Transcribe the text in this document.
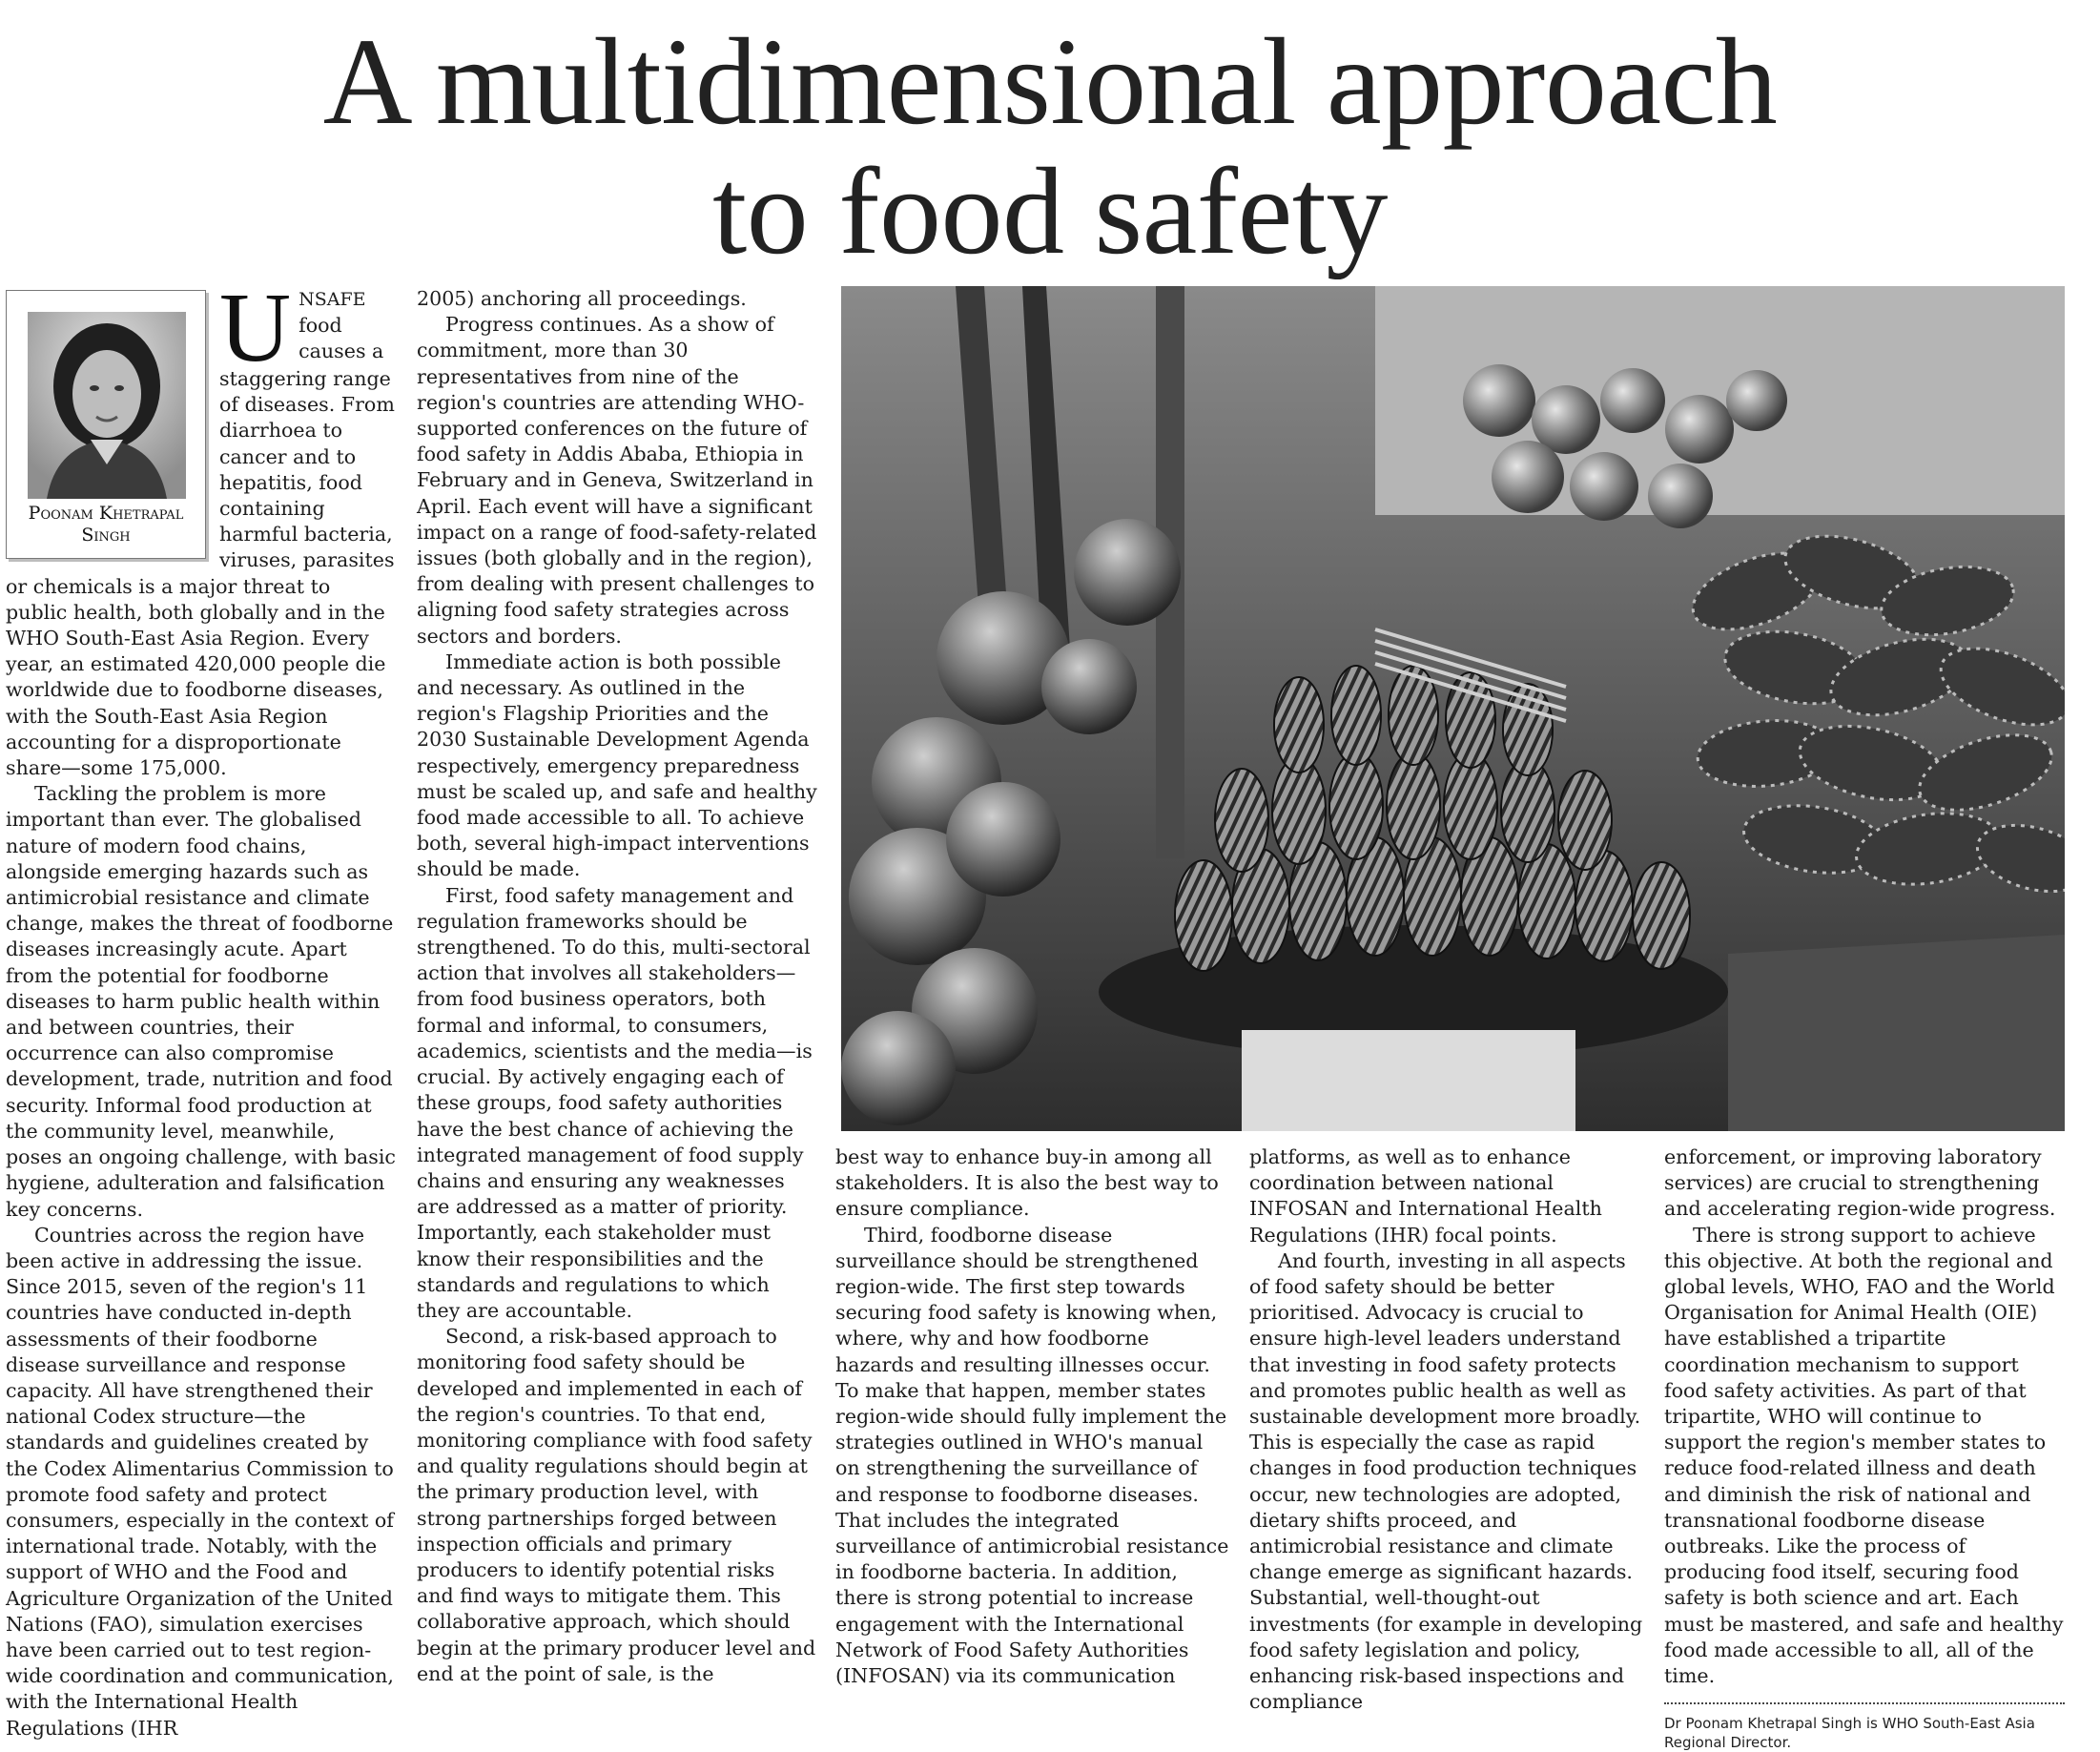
A multidimensional approach
to food safety
Poonam Khetrapal
Singh

UNSAFE food causes a staggering range of diseases. From diarrhoea to cancer and to hepatitis, food containing harmful bacteria, viruses, parasites or chemicals is a major threat to public health, both globally and in the WHO South-East Asia Region. Every year, an estimated 420,000 people die worldwide due to foodborne diseases, with the South-East Asia Region accounting for a disproportionate share—some 175,000.

Tackling the problem is more important than ever. The globalised nature of modern food chains, alongside emerging hazards such as antimicrobial resistance and climate change, makes the threat of foodborne diseases increasingly acute. Apart from the potential for foodborne diseases to harm public health within and between countries, their occurrence can also compromise development, trade, nutrition and food security. Informal food production at the community level, meanwhile, poses an ongoing challenge, with basic hygiene, adulteration and falsification key concerns.

Countries across the region have been active in addressing the issue. Since 2015, seven of the region's 11 countries have conducted in-depth assessments of their foodborne disease surveillance and response capacity. All have strengthened their national Codex structure—the standards and guidelines created by the Codex Alimentarius Commission to promote food safety and protect consumers, especially in the context of international trade. Notably, with the support of WHO and the Food and Agriculture Organization of the United Nations (FAO), simulation exercises have been carried out to test region-wide coordination and communication, with the International Health Regulations (IHR

2005) anchoring all proceedings.

Progress continues. As a show of commitment, more than 30 representatives from nine of the region's countries are attending WHO-supported conferences on the future of food safety in Addis Ababa, Ethiopia in February and in Geneva, Switzerland in April. Each event will have a significant impact on a range of food-safety-related issues (both globally and in the region), from dealing with present challenges to aligning food safety strategies across sectors and borders.

Immediate action is both possible and necessary. As outlined in the region's Flagship Priorities and the 2030 Sustainable Development Agenda respectively, emergency preparedness must be scaled up, and safe and healthy food made accessible to all. To achieve both, several high-impact interventions should be made.

First, food safety management and regulation frameworks should be strengthened. To do this, multi-sectoral action that involves all stakeholders—from food business operators, both formal and informal, to consumers, academics, scientists and the media—is crucial. By actively engaging each of these groups, food safety authorities have the best chance of achieving the integrated management of food supply chains and ensuring any weaknesses are addressed as a matter of priority. Importantly, each stakeholder must know their responsibilities and the standards and regulations to which they are accountable.

Second, a risk-based approach to monitoring food safety should be developed and implemented in each of the region's countries. To that end, monitoring compliance with food safety and quality regulations should begin at the primary production level, with strong partnerships forged between inspection officials and primary producers to identify potential risks and find ways to mitigate them. This collaborative approach, which should begin at the primary producer level and end at the point of sale, is the

best way to enhance buy-in among all stakeholders. It is also the best way to ensure compliance.

Third, foodborne disease surveillance should be strengthened region-wide. The first step towards securing food safety is knowing when, where, why and how foodborne hazards and resulting illnesses occur. To make that happen, member states region-wide should fully implement the strategies outlined in WHO's manual on strengthening the surveillance of and response to foodborne diseases. That includes the integrated surveillance of antimicrobial resistance in foodborne bacteria. In addition, there is strong potential to increase engagement with the International Network of Food Safety Authorities (INFOSAN) via its communication

platforms, as well as to enhance coordination between national INFOSAN and International Health Regulations (IHR) focal points.

And fourth, investing in all aspects of food safety should be better prioritised. Advocacy is crucial to ensure high-level leaders understand that investing in food safety protects and promotes public health as well as sustainable development more broadly. This is especially the case as rapid changes in food production techniques occur, new technologies are adopted, dietary shifts proceed, and antimicrobial resistance and climate change emerge as significant hazards. Substantial, well-thought-out investments (for example in developing food safety legislation and policy, enhancing risk-based inspections and compliance

enforcement, or improving laboratory services) are crucial to strengthening and accelerating region-wide progress.

There is strong support to achieve this objective. At both the regional and global levels, WHO, FAO and the World Organisation for Animal Health (OIE) have established a tripartite coordination mechanism to support food safety activities. As part of that tripartite, WHO will continue to support the region's member states to reduce food-related illness and death and diminish the risk of national and transnational foodborne disease outbreaks. Like the process of producing food itself, securing food safety is both science and art. Each must be mastered, and safe and healthy food made accessible to all, all of the time.

Dr Poonam Khetrapal Singh is WHO South-East Asia Regional Director.
